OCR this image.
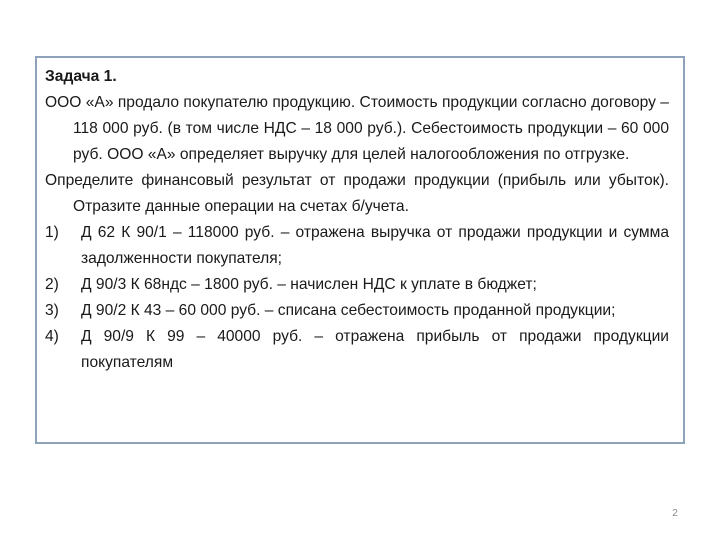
Задача 1.

ООО «А» продало покупателю продукцию. Стоимость продукции согласно договору – 118 000 руб. (в том числе НДС – 18 000 руб.). Себестоимость продукции – 60 000 руб. ООО «А» определяет выручку для целей налогообложения по отгрузке.

Определите финансовый результат от продажи продукции (прибыль или убыток). Отразите данные операции на счетах б/учета.

1) Д 62 К 90/1 – 118000 руб. – отражена выручка от продажи продукции и сумма задолженности покупателя;
2) Д 90/3 К 68ндс – 1800 руб. – начислен НДС к уплате в бюджет;
3) Д 90/2 К 43 – 60 000 руб. – списана себестоимость проданной продукции;
4) Д 90/9 К 99 – 40000 руб. – отражена прибыль от продажи продукции покупателям
2
